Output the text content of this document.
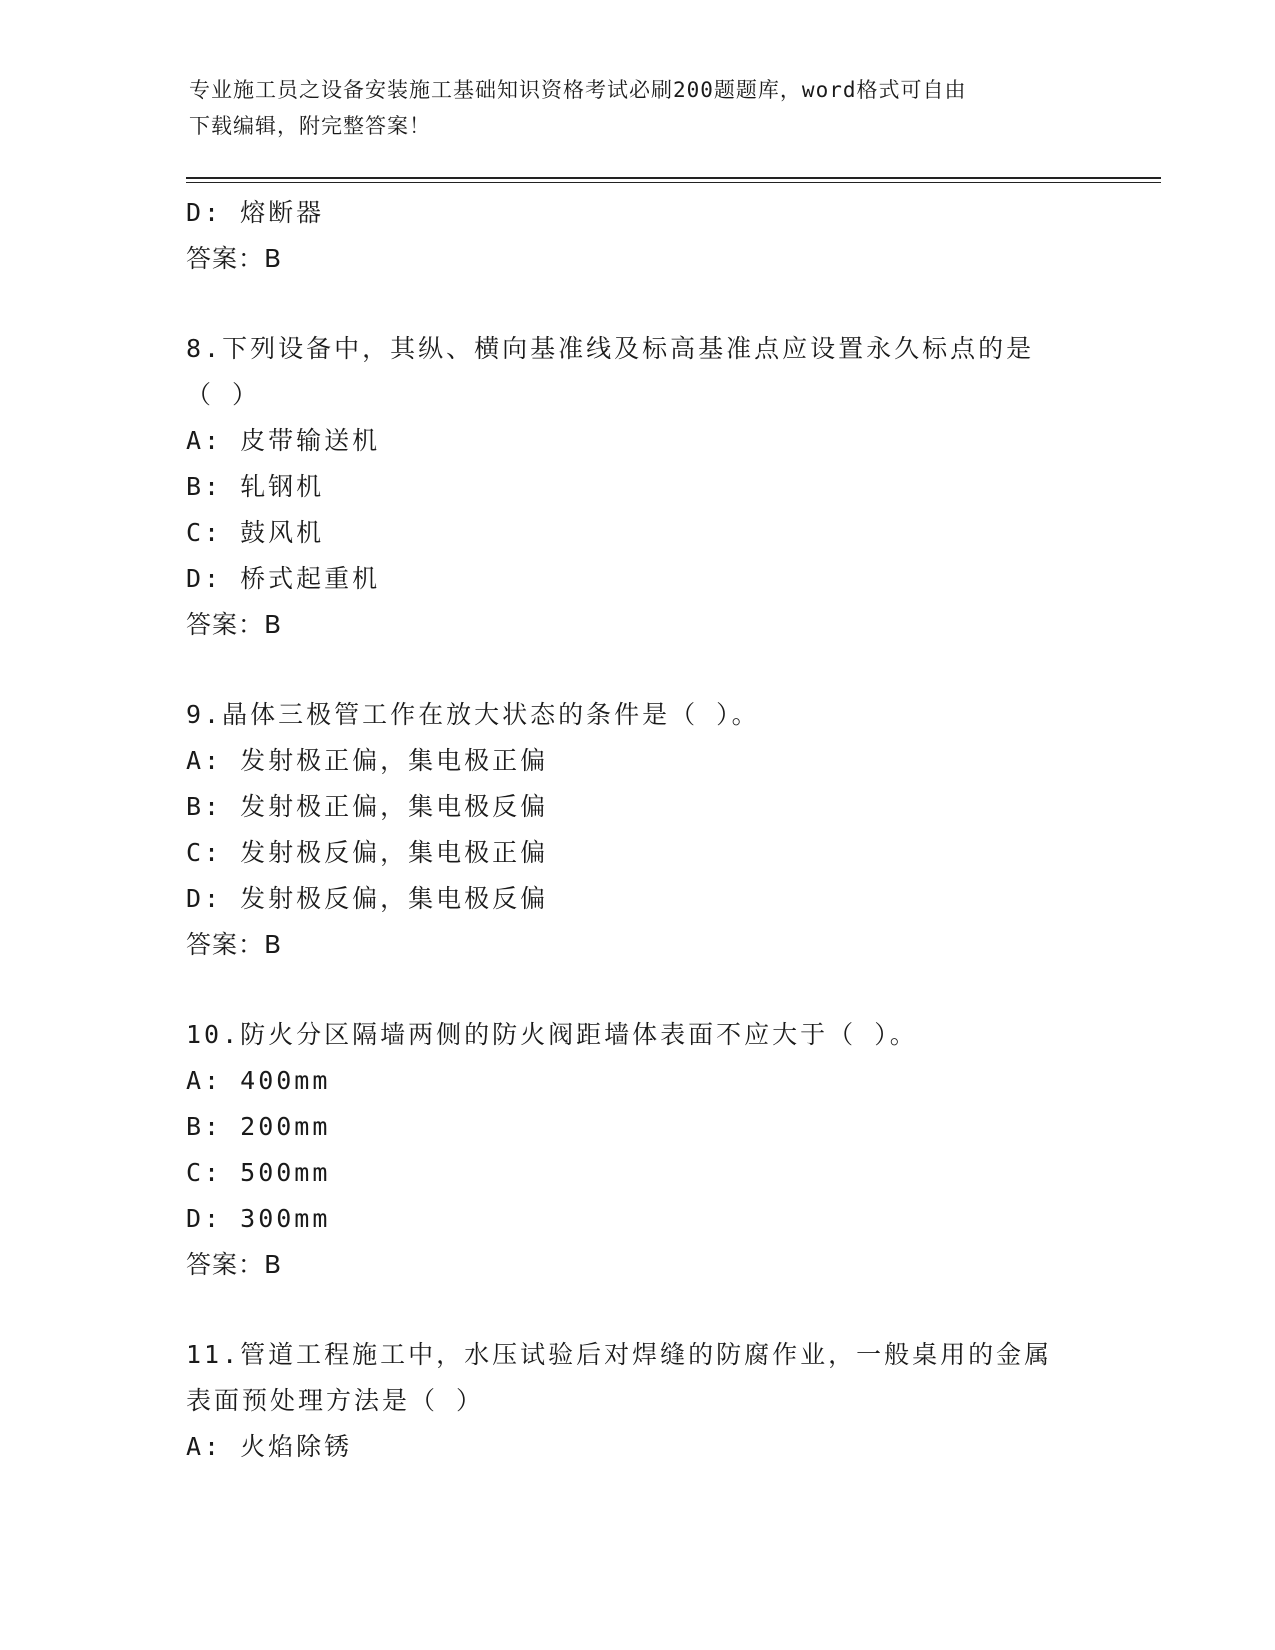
专业施工员之设备安装施工基础知识资格考试必刷200题题库，word格式可自由
下载编辑，附完整答案！
D: 熔断器
答案：B
8.下列设备中，其纵、横向基准线及标高基准点应设置永久标点的是
（ ）
A: 皮带输送机
B: 轧钢机
C: 鼓风机
D: 桥式起重机
答案：B
9.晶体三极管工作在放大状态的条件是（ ）。
A: 发射极正偏，集电极正偏
B: 发射极正偏，集电极反偏
C: 发射极反偏，集电极正偏
D: 发射极反偏，集电极反偏
答案：B
10.防火分区隔墙两侧的防火阀距墙体表面不应大于（ ）。
A: 400mm
B: 200mm
C: 500mm
D: 300mm
答案：B
11.管道工程施工中，水压试验后对焊缝的防腐作业，一般桌用的金属
表面预处理方法是（ ）
A: 火焰除锈
